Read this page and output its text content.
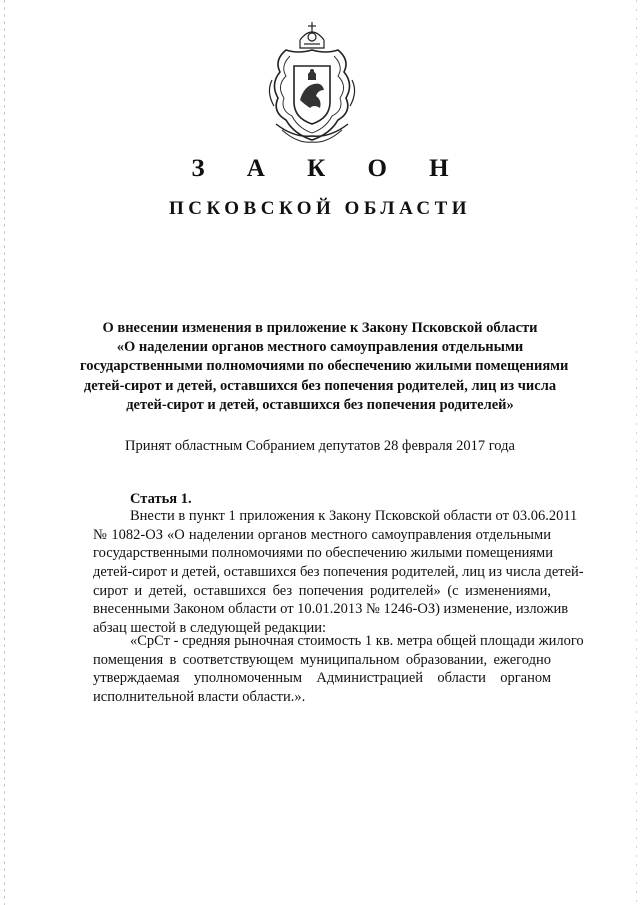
З А К О Н
ПСКОВСКОЙ ОБЛАСТИ
О внесении изменения в приложение к Закону Псковской области
«О наделении органов местного самоуправления отдельными
государственными полномочиями по обеспечению жилыми помещениями
детей-сирот и детей, оставшихся без попечения родителей, лиц из числа
детей-сирот и детей, оставшихся без попечения родителей»
Принят областным Собранием депутатов 28 февраля 2017 года
Статья 1.
Внести в пункт 1 приложения к Закону Псковской области от 03.06.2011
№ 1082-ОЗ «О наделении органов местного самоуправления отдельными
государственными полномочиями по обеспечению жилыми помещениями
детей-сирот и детей, оставшихся без попечения родителей, лиц из числа детей-
сирот и детей, оставшихся без попечения родителей» (с изменениями,
внесенными Законом области от 10.01.2013 № 1246-ОЗ) изменение, изложив
абзац шестой в следующей редакции:
«СрСт - средняя рыночная стоимость 1 кв. метра общей площади жилого
помещения в соответствующем муниципальном образовании, ежегодно
утверждаемая уполномоченным Администрацией области органом
исполнительной власти области.».
